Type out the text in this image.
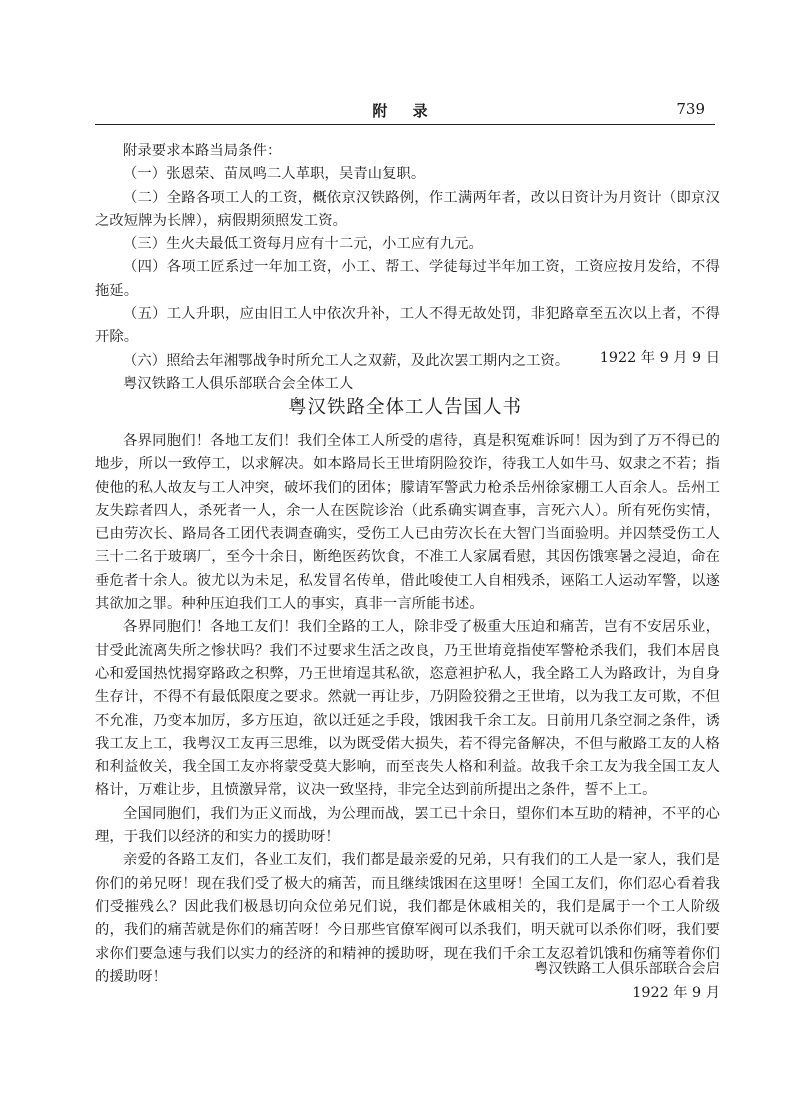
附 录	739

附录要求本路当局条件：

（一）张恩荣、苗凤鸣二人革职，吴青山复职。

（二）全路各项工人的工资，概依京汉铁路例，作工满两年者，改以日资计为月资计（即京汉之改短牌为长牌），病假期须照发工资。

（三）生火夫最低工资每月应有十二元，小工应有九元。

（四）各项工匠系过一年加工资，小工、帮工、学徒每过半年加工资，工资应按月发给，不得拖延。

（五）工人升职，应由旧工人中依次升补，工人不得无故处罚，非犯路章至五次以上者，不得开除。

（六）照给去年湘鄂战争时所允工人之双薪，及此次罢工期内之工资。

粤汉铁路工人俱乐部联合会全体工人

1922 年 9 月 9 日
粤汉铁路全体工人告国人书

各界同胞们！各地工友们！我们全体工人所受的虐待，真是积冤难诉呵！因为到了万不得已的地步，所以一致停工，以求解决。如本路局长王世堉阴险狡诈，待我工人如牛马、奴隶之不若；指使他的私人故友与工人冲突，破坏我们的团体；朦请军警武力枪杀岳州徐家棚工人百余人。岳州工友失踪者四人，杀死者一人，余一人在医院诊治（此系确实调查事，言死六人）。所有死伤实情，已由劳次长、路局各工团代表调查确实，受伤工人已由劳次长在大智门当面验明。并囚禁受伤工人三十二名于玻璃厂，至今十余日，断绝医药饮食，不准工人家属看慰，其因伤饿寒暑之浸迫，命在垂危者十余人。彼尤以为未足，私发冒名传单，借此唆使工人自相残杀，诬陷工人运动军警，以遂其欲加之罪。种种压迫我们工人的事实，真非一言所能书述。

各界同胞们！各地工友们！我们全路的工人，除非受了极重大压迫和痛苦，岂有不安居乐业，甘受此流离失所之惨状吗？我们不过要求生活之改良，乃王世堉竟指使军警枪杀我们，我们本居良心和爱国热忱揭穿路政之积弊，乃王世堉逞其私欲，恣意袒护私人，我全路工人为路政计，为自身生存计，不得不有最低限度之要求。然就一再让步，乃阴险狡猾之王世堉，以为我工友可欺，不但不允准，乃变本加厉，多方压迫，欲以迁延之手段，饿困我千余工友。日前用几条空洞之条件，诱我工友上工，我粤汉工友再三思维，以为既受偌大损失，若不得完备解决，不但与敝路工友的人格和利益攸关，我全国工友亦将蒙受莫大影响，而至丧失人格和利益。故我千余工友为我全国工友人格计，万难让步，且愤激异常，议决一致坚持，非完全达到前所提出之条件，誓不上工。

全国同胞们，我们为正义而战，为公理而战，罢工已十余日，望你们本互助的精神，不平的心理，于我们以经济的和实力的援助呀！

亲爱的各路工友们，各业工友们，我们都是最亲爱的兄弟，只有我们的工人是一家人，我们是你们的弟兄呀！现在我们受了极大的痛苦，而且继续饿困在这里呀！全国工友们，你们忍心看着我们受摧残么？因此我们极恳切向众位弟兄们说，我们都是休戚相关的，我们是属于一个工人阶级的，我们的痛苦就是你们的痛苦呀！今日那些官僚军阀可以杀我们，明天就可以杀你们呀，我们要求你们要急速与我们以实力的经济的和精神的援助呀，现在我们千余工友忍着饥饿和伤痛等着你们的援助呀！	粤汉铁路工人俱乐部联合会启
1922 年 9 月
